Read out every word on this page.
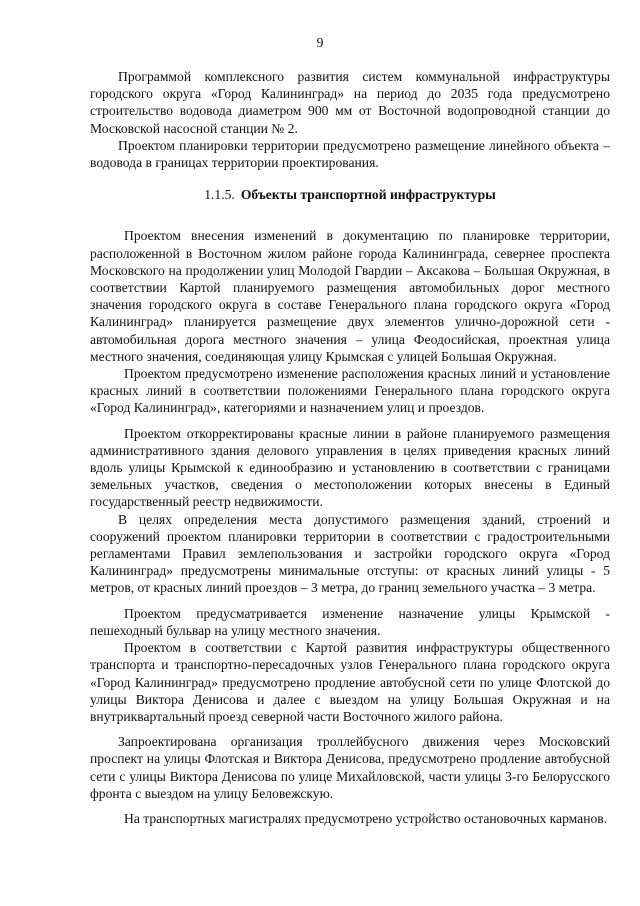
9

Программой комплексного развития систем коммунальной инфраструктуры городского округа «Город Калининград» на период до 2035 года предусмотрено строительство водовода диаметром 900 мм от Восточной водопроводной станции до Московской насосной станции № 2.

Проектом планировки территории предусмотрено размещение линейного объекта – водовода в границах территории проектирования.

1.1.5. Объекты транспортной инфраструктуры

Проектом внесения изменений в документацию по планировке территории, расположенной в Восточном жилом районе города Калининграда, севернее проспекта Московского на продолжении улиц Молодой Гвардии – Аксакова – Большая Окружная, в соответствии Картой планируемого размещения автомобильных дорог местного значения городского округа в составе Генерального плана городского округа «Город Калининград» планируется размещение двух элементов улично-дорожной сети - автомобильная дорога местного значения – улица Феодосийская, проектная улица местного значения, соединяющая улицу Крымская с улицей Большая Окружная.

Проектом предусмотрено изменение расположения красных линий и установление красных линий в соответствии положениями Генерального плана городского округа «Город Калининград», категориями и назначением улиц и проездов.

Проектом откорректированы красные линии в районе планируемого размещения административного здания делового управления в целях приведения красных линий вдоль улицы Крымской к единообразию и установлению в соответствии с границами земельных участков, сведения о местоположении которых внесены в Единый государственный реестр недвижимости.

В целях определения места допустимого размещения зданий, строений и сооружений проектом планировки территории в соответствии с градостроительными регламентами Правил землепользования и застройки городского округа «Город Калининград» предусмотрены минимальные отступы: от красных линий улицы - 5 метров, от красных линий проездов – 3 метра, до границ земельного участка – 3 метра.

Проектом предусматривается изменение назначение улицы Крымской - пешеходный бульвар на улицу местного значения.

Проектом в соответствии с Картой развития инфраструктуры общественного транспорта и транспортно-пересадочных узлов Генерального плана городского округа «Город Калининград» предусмотрено продление автобусной сети по улице Флотской до улицы Виктора Денисова и далее с выездом на улицу Большая Окружная и на внутриквартальный проезд северной части Восточного жилого района.

Запроектирована организация троллейбусного движения через Московский проспект на улицы Флотская и Виктора Денисова, предусмотрено продление автобусной сети с улицы Виктора Денисова по улице Михайловской, части улицы 3-го Белорусского фронта с выездом на улицу Беловежскую.

На транспортных магистралях предусмотрено устройство остановочных карманов.
